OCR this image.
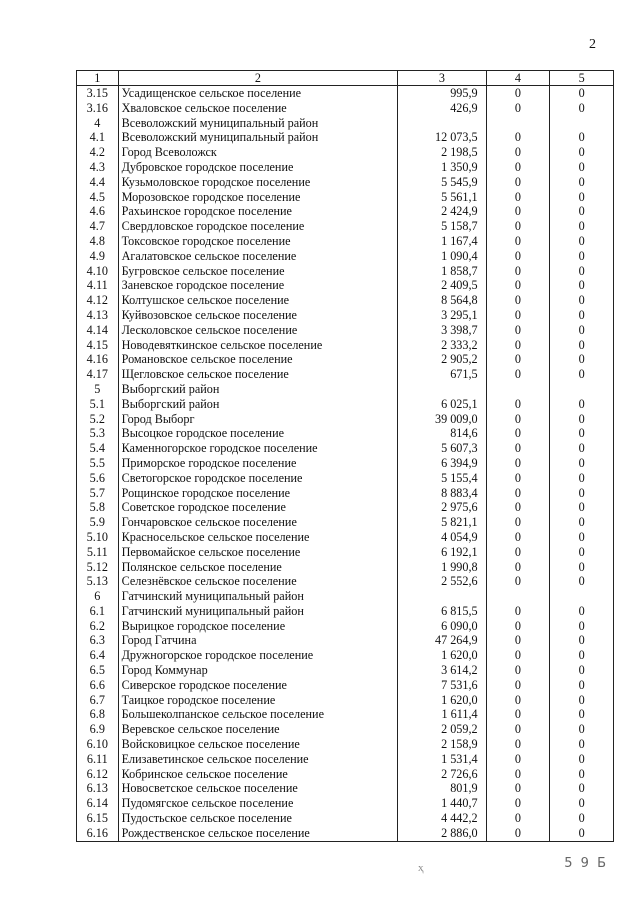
2
1	2	3	4	5
3.15	Усадищенское сельское поселение	995,9	0	0
3.16	Хваловское сельское поселение	426,9	0	0
4	Всеволожский муниципальный район			
4.1	Всеволожский муниципальный район	12 073,5	0	0
4.2	Город Всеволожск	2 198,5	0	0
4.3	Дубровское городское поселение	1 350,9	0	0
4.4	Кузьмоловское городское поселение	5 545,9	0	0
4.5	Морозовское городское поселение	5 561,1	0	0
4.6	Рахьинское городское поселение	2 424,9	0	0
4.7	Свердловское городское поселение	5 158,7	0	0
4.8	Токсовское городское поселение	1 167,4	0	0
4.9	Агалатовское сельское поселение	1 090,4	0	0
4.10	Бугровское сельское поселение	1 858,7	0	0
4.11	Заневское городское поселение	2 409,5	0	0
4.12	Колтушское сельское поселение	8 564,8	0	0
4.13	Куйвозовское сельское поселение	3 295,1	0	0
4.14	Лесколовское сельское поселение	3 398,7	0	0
4.15	Новодевяткинское сельское поселение	2 333,2	0	0
4.16	Романовское сельское поселение	2 905,2	0	0
4.17	Щегловское сельское поселение	671,5	0	0
5	Выборгский район			
5.1	Выборгский район	6 025,1	0	0
5.2	Город Выборг	39 009,0	0	0
5.3	Высоцкое городское поселение	814,6	0	0
5.4	Каменногорское городское поселение	5 607,3	0	0
5.5	Приморское городское поселение	6 394,9	0	0
5.6	Светогорское городское поселение	5 155,4	0	0
5.7	Рощинское городское поселение	8 883,4	0	0
5.8	Советское городское поселение	2 975,6	0	0
5.9	Гончаровское сельское поселение	5 821,1	0	0
5.10	Красносельское сельское поселение	4 054,9	0	0
5.11	Первомайское сельское поселение	6 192,1	0	0
5.12	Полянское сельское поселение	1 990,8	0	0
5.13	Селезнёвское сельское поселение	2 552,6	0	0
6	Гатчинский муниципальный район			
6.1	Гатчинский муниципальный район	6 815,5	0	0
6.2	Вырицкое городское поселение	6 090,0	0	0
6.3	Город Гатчина	47 264,9	0	0
6.4	Дружногорское городское поселение	1 620,0	0	0
6.5	Город Коммунар	3 614,2	0	0
6.6	Сиверское городское поселение	7 531,6	0	0
6.7	Таицкое городское поселение	1 620,0	0	0
6.8	Большеколпанское сельское поселение	1 611,4	0	0
6.9	Веревское сельское поселение	2 059,2	0	0
6.10	Войсковицкое сельское поселение	2 158,9	0	0
6.11	Елизаветинское сельское поселение	1 531,4	0	0
6.12	Кобринское сельское поселение	2 726,6	0	0
6.13	Новосветское сельское поселение	801,9	0	0
6.14	Пудомягское сельское поселение	1 440,7	0	0
6.15	Пудостьское сельское поселение	4 442,2	0	0
6.16	Рождественское сельское поселение	2 886,0	0	0
ҳ	5 9 Б
